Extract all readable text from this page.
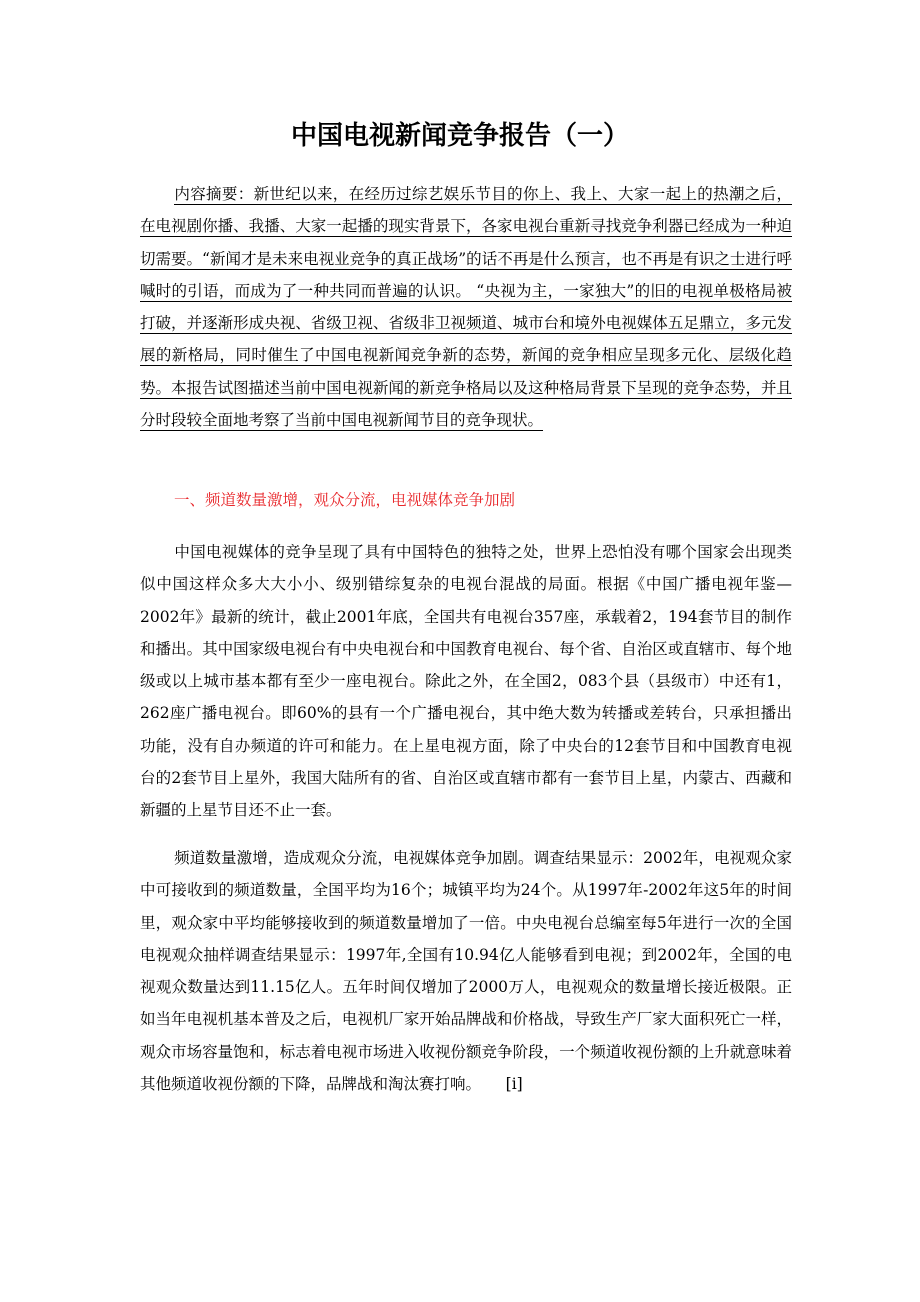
中国电视新闻竞争报告（一）

内容摘要：新世纪以来，在经历过综艺娱乐节目的你上、我上、大家一起上的热潮之后，在电视剧你播、我播、大家一起播的现实背景下，各家电视台重新寻找竞争利器已经成为一种迫切需要。“新闻才是未来电视业竞争的真正战场”的话不再是什么预言，也不再是有识之士进行呼喊时的引语，而成为了一种共同而普遍的认识。 “央视为主，一家独大”的旧的电视单极格局被打破，并逐渐形成央视、省级卫视、省级非卫视频道、城市台和境外电视媒体五足鼎立，多元发展的新格局，同时催生了中国电视新闻竞争新的态势，新闻的竞争相应呈现多元化、层级化趋势。本报告试图描述当前中国电视新闻的新竞争格局以及这种格局背景下呈现的竞争态势，并且分时段较全面地考察了当前中国电视新闻节目的竞争现状。

一、频道数量激增，观众分流，电视媒体竞争加剧

中国电视媒体的竞争呈现了具有中国特色的独特之处，世界上恐怕没有哪个国家会出现类似中国这样众多大大小小、级别错综复杂的电视台混战的局面。根据《中国广播电视年鉴—2002年》最新的统计，截止2001年底，全国共有电视台357座，承载着2，194套节目的制作和播出。其中国家级电视台有中央电视台和中国教育电视台、每个省、自治区或直辖市、每个地级或以上城市基本都有至少一座电视台。除此之外，在全国2，083个县（县级市）中还有1，262座广播电视台。即60%的县有一个广播电视台，其中绝大数为转播或差转台，只承担播出功能，没有自办频道的许可和能力。在上星电视方面，除了中央台的12套节目和中国教育电视台的2套节目上星外，我国大陆所有的省、自治区或直辖市都有一套节目上星，内蒙古、西藏和新疆的上星节目还不止一套。

频道数量激增，造成观众分流，电视媒体竞争加剧。调查结果显示：2002年，电视观众家中可接收到的频道数量，全国平均为16个；城镇平均为24个。从1997年-2002年这5年的时间里，观众家中平均能够接收到的频道数量增加了一倍。中央电视台总编室每5年进行一次的全国电视观众抽样调查结果显示：1997年,全国有10.94亿人能够看到电视；到2002年，全国的电视观众数量达到11.15亿人。五年时间仅增加了2000万人，电视观众的数量增长接近极限。正如当年电视机基本普及之后，电视机厂家开始品牌战和价格战，导致生产厂家大面积死亡一样，观众市场容量饱和，标志着电视市场进入收视份额竞争阶段，一个频道收视份额的上升就意味着其他频道收视份额的下降，品牌战和淘汰赛打响。 [i]
